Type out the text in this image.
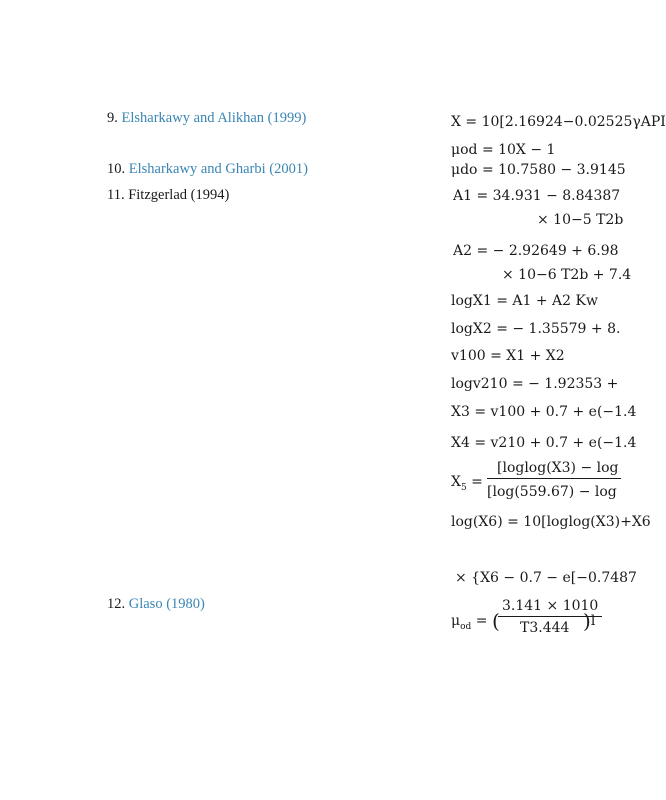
9. Elsharkawy and Alikhan (1999)
10. Elsharkawy and Gharbi (2001)
11. Fitzgerlad (1994)
12. Glaso (1980)
X = 10[2.16924−0.02525γAPI
μod = 10X − 1
μdo = 10.7580 − 3.9145
A1 = 34.931 − 8.84387
× 10−5 T2b
A2 = − 2.92649 + 6.98
× 10−6 T2b + 7.4
logX1 = A1 + A2 Kw
logX2 = − 1.35579 + 8.
v100 = X1 + X2
logv210 = − 1.92353 +
X3 = v100 + 0.7 + e(−1.4
X4 = v210 + 0.7 + e(−1.4
$X_5$ =
[loglog(X3) − log
[log(559.67) − log
log(X6) = 10[loglog(X3)+X6
× {X6 − 0.7 − e[−0.7487
$\mu_{od}$ = (
3.141 × 1010
T3.444 )l
